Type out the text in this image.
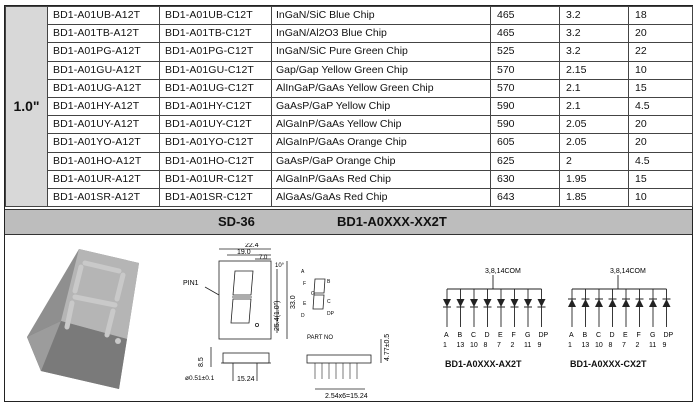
1.0"	BD1-A01UB-A12T	BD1-A01UB-C12T	InGaN/SiC Blue Chip	465	3.2	18
	BD1-A01TB-A12T	BD1-A01TB-C12T	InGaN/Al2O3 Blue Chip	465	3.2	20
	BD1-A01PG-A12T	BD1-A01PG-C12T	InGaN/SiC Pure Green Chip	525	3.2	22
	BD1-A01GU-A12T	BD1-A01GU-C12T	Gap/Gap Yellow Green Chip	570	2.15	10
	BD1-A01UG-A12T	BD1-A01UG-C12T	AlInGaP/GaAs Yellow Green Chip	570	2.1	15
	BD1-A01HY-A12T	BD1-A01HY-C12T	GaAsP/GaP Yellow Chip	590	2.1	4.5
	BD1-A01UY-A12T	BD1-A01UY-C12T	AlGaInP/GaAs Yellow Chip	590	2.05	20
	BD1-A01YO-A12T	BD1-A01YO-C12T	AlGaInP/GaAs Orange Chip	605	2.05	20
	BD1-A01HO-A12T	BD1-A01HO-C12T	GaAsP/GaP Orange Chip	625	2	4.5
	BD1-A01UR-A12T	BD1-A01UR-C12T	AlGaInP/GaAs Red Chip	630	1.95	15
	BD1-A01SR-A12T	BD1-A01SR-C12T	AlGaAs/GaAs Red Chip	643	1.85	10
SD-36	BD1-A0XXX-XX2T
22.4
19.0
7.0
10°
PIN1
25.4(1.0") 33.0
PART NO	4.77±0.5
8.5
ø0.51±0.1	15.24
2.54x6=15.24
A
B
C
D
E
F
G
DP
3,8,14COM
A
1
B
13
C
10
D
8
E
7
F
2
G
11
DP
9
3,8,14COM
A
1
B
13
C
10
D
8
E
7
F
2
G
11
DP
9
BD1-A0XXX-AX2T	BD1-A0XXX-CX2T
